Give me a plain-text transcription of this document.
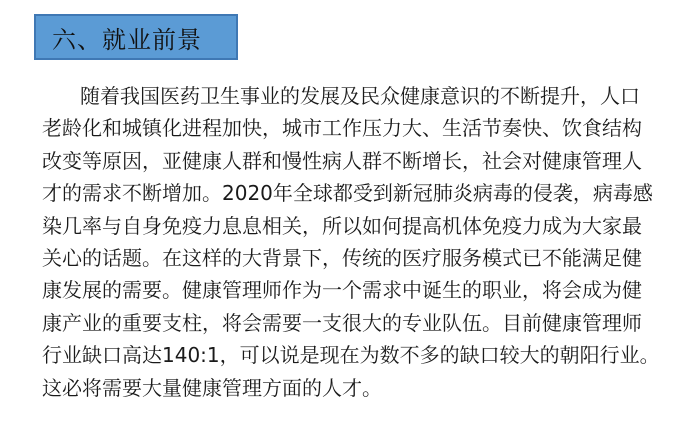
六、就业前景
随着我国医药卫生事业的发展及民众健康意识的不断提升，人口
老龄化和城镇化进程加快，城市工作压力大、生活节奏快、饮食结构
改变等原因，亚健康人群和慢性病人群不断增长，社会对健康管理人
才的需求不断增加。2020年全球都受到新冠肺炎病毒的侵袭，病毒感
染几率与自身免疫力息息相关，所以如何提高机体免疫力成为大家最
关心的话题。在这样的大背景下，传统的医疗服务模式已不能满足健
康发展的需要。健康管理师作为一个需求中诞生的职业，将会成为健
康产业的重要支柱，将会需要一支很大的专业队伍。目前健康管理师
行业缺口高达140:1，可以说是现在为数不多的缺口较大的朝阳行业。
这必将需要大量健康管理方面的人才。
